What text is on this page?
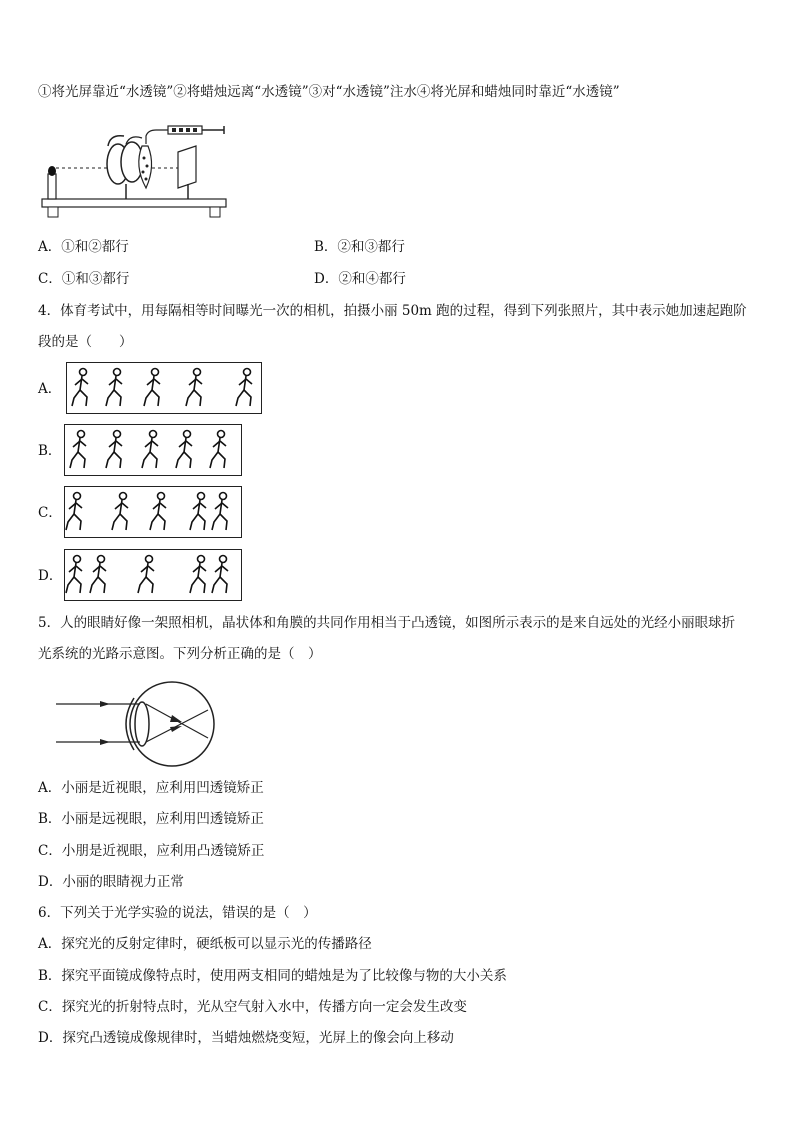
①将光屏靠近“水透镜”②将蜡烛远离“水透镜”③对“水透镜”注水④将光屏和蜡烛同时靠近“水透镜”
A．①和②都行	B．②和③都行
C．①和③都行	D．②和④都行
4．体育考试中，用每隔相等时间曝光一次的相机，拍摄小丽 50m 跑的过程，得到下列张照片，其中表示她加速起跑阶
段的是（　　）
A．
B．
C．
D．
5．人的眼睛好像一架照相机，晶状体和角膜的共同作用相当于凸透镜，如图所示表示的是来自远处的光经小丽眼球折
光系统的光路示意图。下列分析正确的是（　）
A．小丽是近视眼，应利用凹透镜矫正
B．小丽是远视眼，应利用凹透镜矫正
C．小朋是近视眼，应利用凸透镜矫正
D．小丽的眼睛视力正常
6．下列关于光学实验的说法，错误的是（　）
A．探究光的反射定律时，硬纸板可以显示光的传播路径
B．探究平面镜成像特点时，使用两支相同的蜡烛是为了比较像与物的大小关系
C．探究光的折射特点时，光从空气射入水中，传播方向一定会发生改变
D．探究凸透镜成像规律时，当蜡烛燃烧变短，光屏上的像会向上移动
